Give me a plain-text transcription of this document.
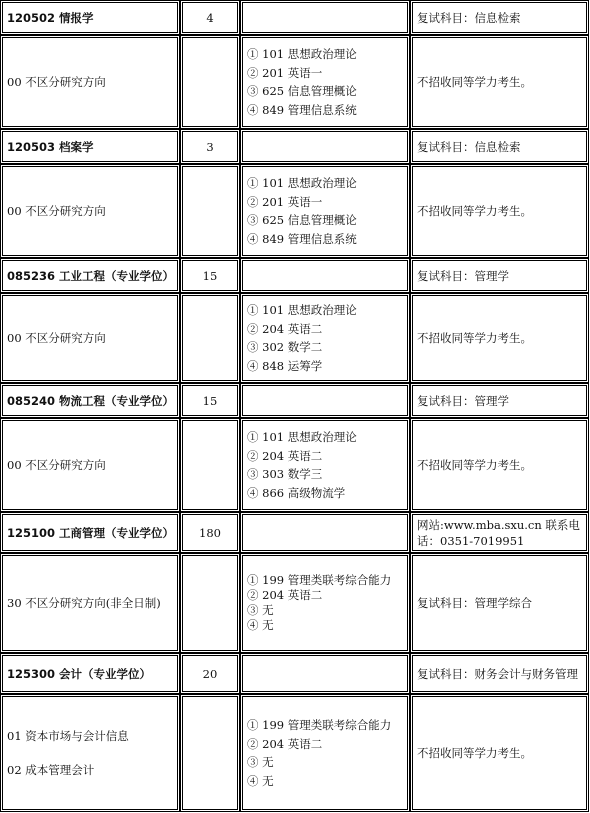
120502 情报学	4		复试科目：信息检索

00 不区分研究方向		① 101 思想政治理论
② 201 英语一
③ 625 信息管理概论
④ 849 管理信息系统	不招收同等学力考生。
120503 档案学	3		复试科目：信息检索

00 不区分研究方向		① 101 思想政治理论
② 201 英语一
③ 625 信息管理概论
④ 849 管理信息系统	不招收同等学力考生。
085236 工业工程（专业学位）	15		复试科目：管理学

00 不区分研究方向		① 101 思想政治理论
② 204 英语二
③ 302 数学二
④ 848 运筹学	不招收同等学力考生。
085240 物流工程（专业学位）	15		复试科目：管理学

00 不区分研究方向		① 101 思想政治理论
② 204 英语二
③ 303 数学三
④ 866 高级物流学	不招收同等学力考生。
125100 工商管理（专业学位）	180		网站:www.mba.sxu.cn 联系电话：0351-7019951

30 不区分研究方向(非全日制)		① 199 管理类联考综合能力
② 204 英语二
③ 无
④ 无	复试科目：管理学综合
125300 会计（专业学位）	20		复试科目：财务会计与财务管理

01 资本市场与会计信息
02 成本管理会计		① 199 管理类联考综合能力
② 204 英语二
③ 无
④ 无	不招收同等学力考生。
